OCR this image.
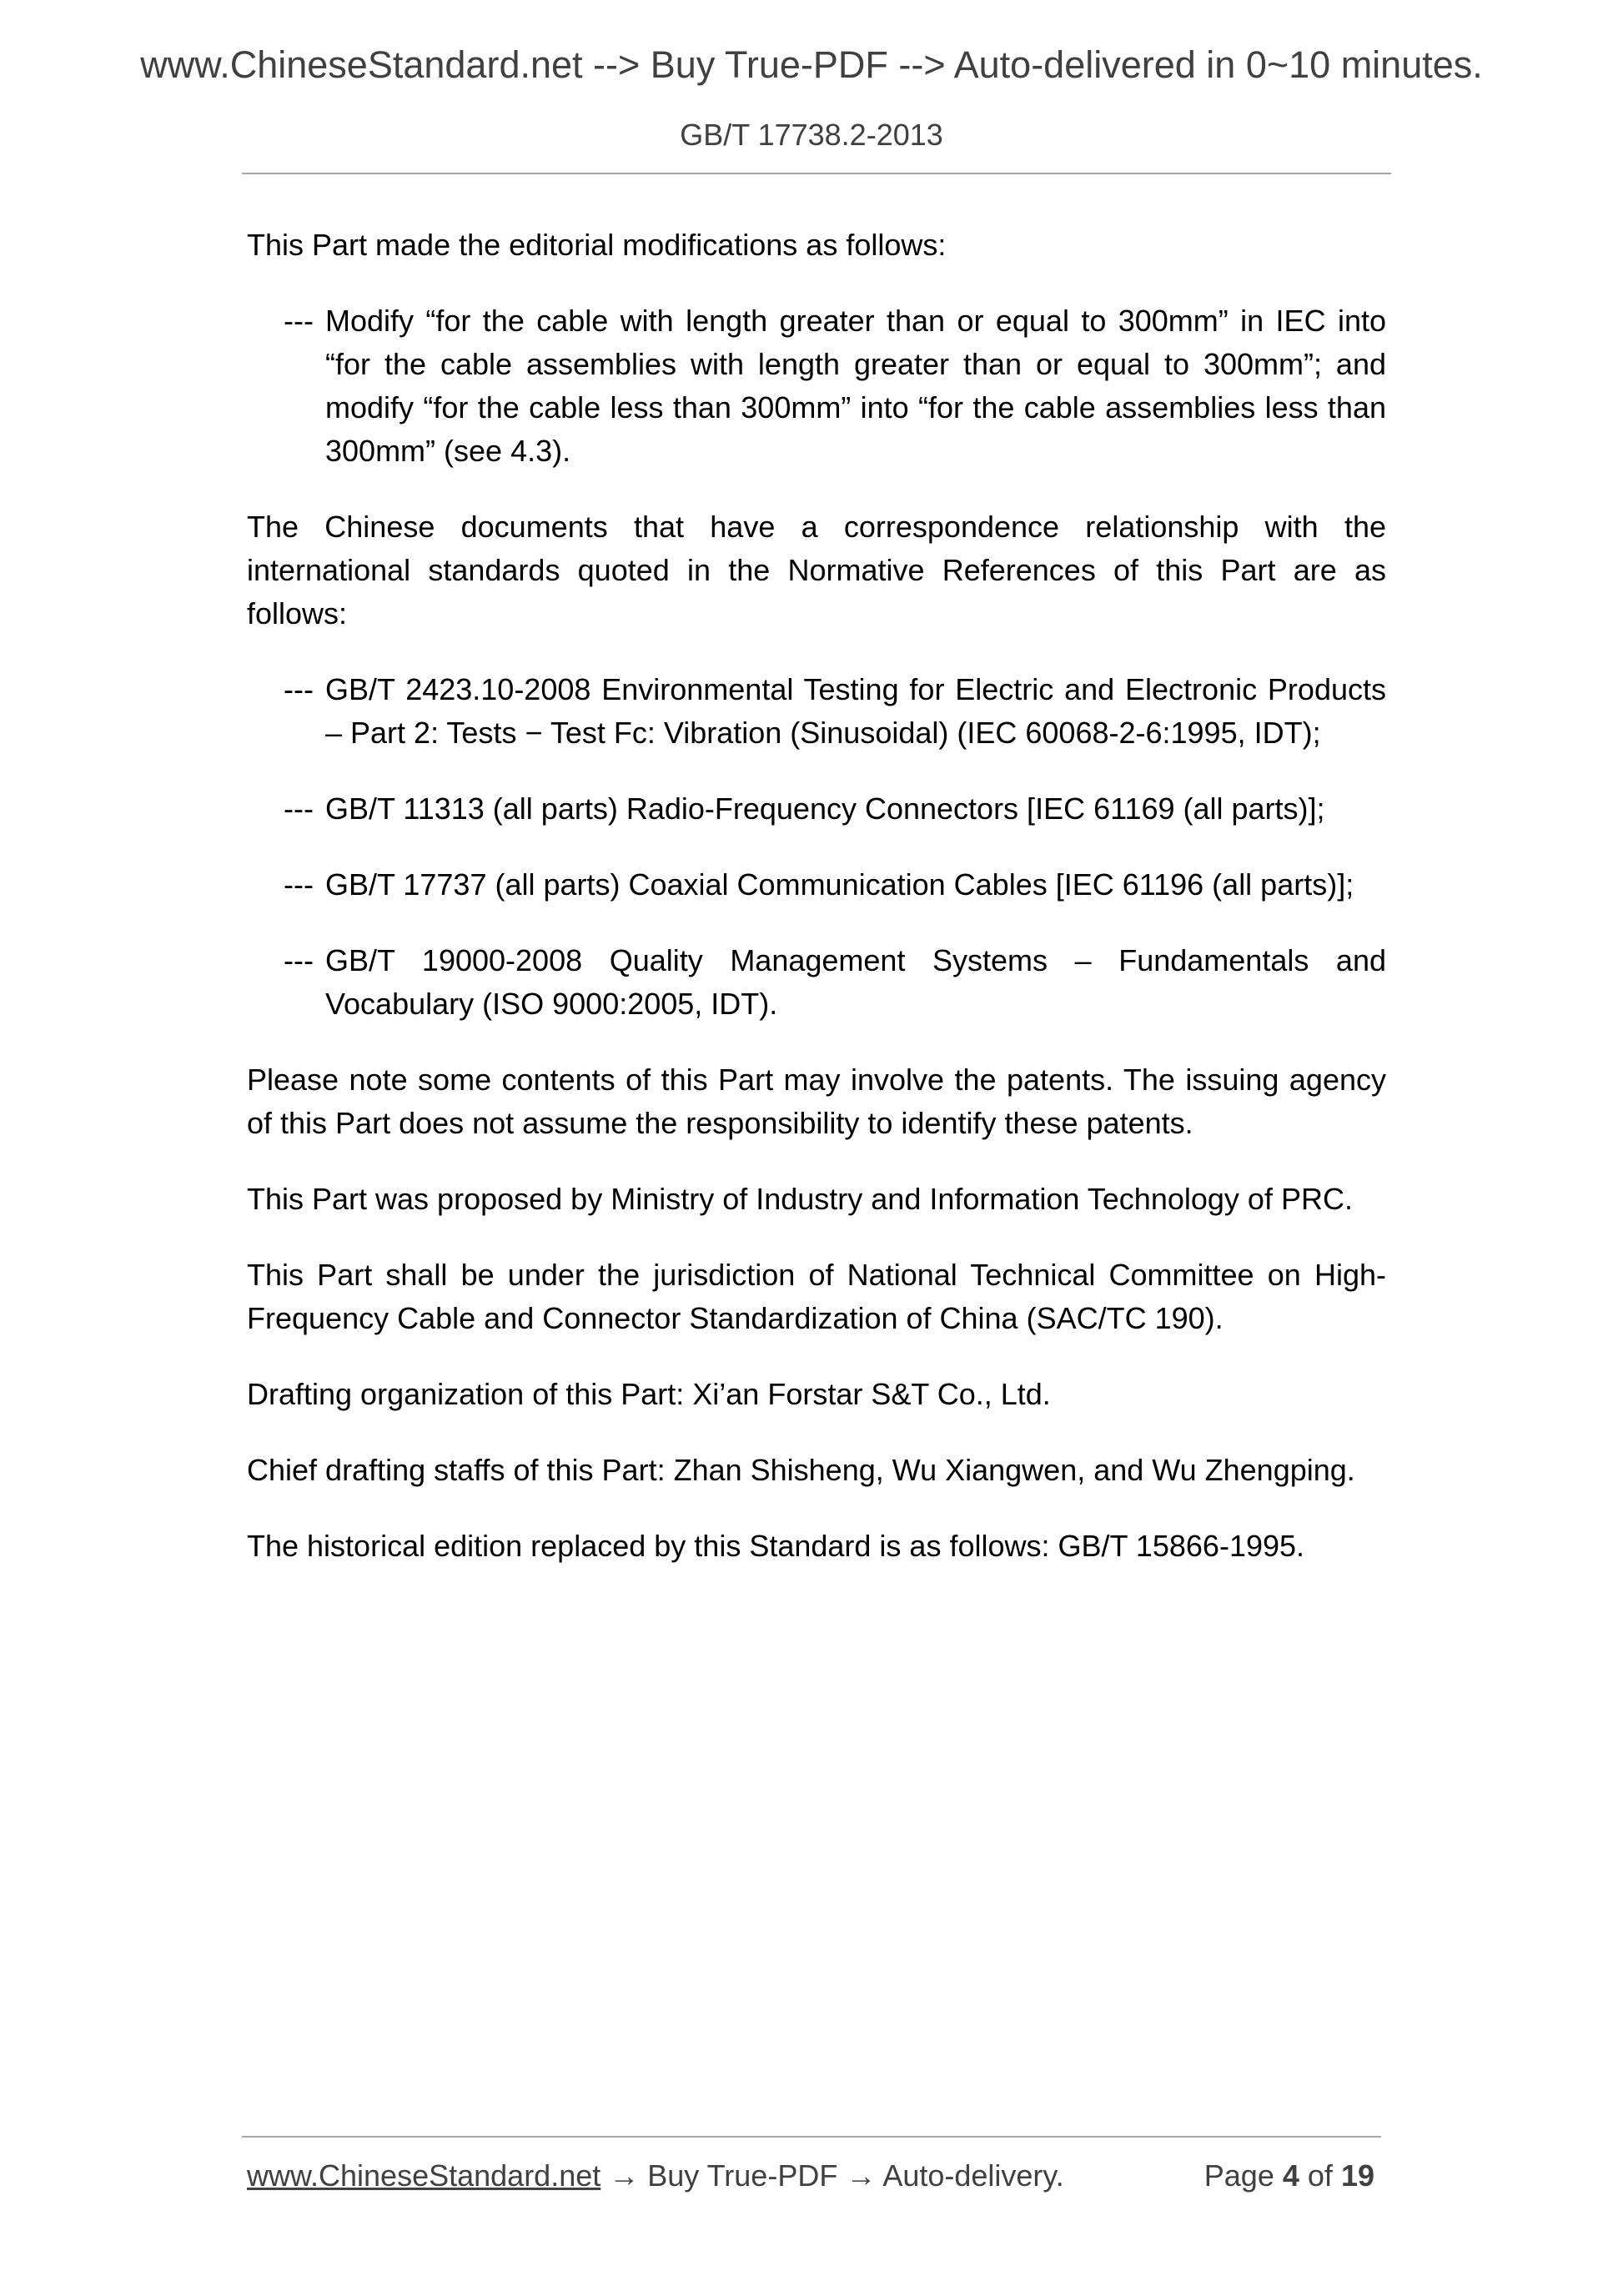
www.ChineseStandard.net --> Buy True-PDF --> Auto-delivered in 0~10 minutes.
GB/T 17738.2-2013

This Part made the editorial modifications as follows:

--- Modify “for the cable with length greater than or equal to 300mm” in IEC into “for the cable assemblies with length greater than or equal to 300mm”; and modify “for the cable less than 300mm” into “for the cable assemblies less than 300mm” (see 4.3).

The Chinese documents that have a correspondence relationship with the international standards quoted in the Normative References of this Part are as follows:

--- GB/T 2423.10-2008 Environmental Testing for Electric and Electronic Products – Part 2: Tests − Test Fc: Vibration (Sinusoidal) (IEC 60068-2-6:1995, IDT);
--- GB/T 11313 (all parts) Radio-Frequency Connectors [IEC 61169 (all parts)];
--- GB/T 17737 (all parts) Coaxial Communication Cables [IEC 61196 (all parts)];
--- GB/T 19000-2008 Quality Management Systems – Fundamentals and Vocabulary (ISO 9000:2005, IDT).

Please note some contents of this Part may involve the patents. The issuing agency of this Part does not assume the responsibility to identify these patents.

This Part was proposed by Ministry of Industry and Information Technology of PRC.

This Part shall be under the jurisdiction of National Technical Committee on High-Frequency Cable and Connector Standardization of China (SAC/TC 190).

Drafting organization of this Part: Xi’an Forstar S&T Co., Ltd.

Chief drafting staffs of this Part: Zhan Shisheng, Wu Xiangwen, and Wu Zhengping.

The historical edition replaced by this Standard is as follows: GB/T 15866-1995.

www.ChineseStandard.net → Buy True-PDF → Auto-delivery.	Page 4 of 19
